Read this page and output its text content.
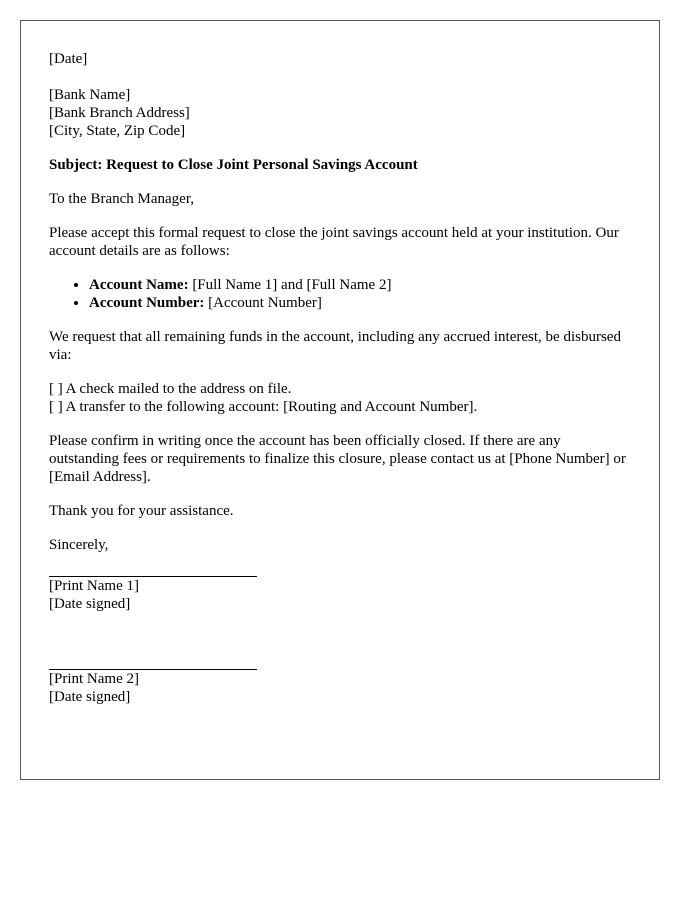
[Date]

[Bank Name]

[Bank Branch Address]

[City, State, Zip Code]

Subject: Request to Close Joint Personal Savings Account

To the Branch Manager,

Please accept this formal request to close the joint savings account held at your institution. Our account details are as follows:

• Account Name: [Full Name 1] and [Full Name 2]
• Account Number: [Account Number]

We request that all remaining funds in the account, including any accrued interest, be disbursed via:

[ ] A check mailed to the address on file.

[ ] A transfer to the following account: [Routing and Account Number].

Please confirm in writing once the account has been officially closed. If there are any outstanding fees or requirements to finalize this closure, please contact us at [Phone Number] or [Email Address].

Thank you for your assistance.

Sincerely,

[Print Name 1]

[Date signed]

[Print Name 2]

[Date signed]
